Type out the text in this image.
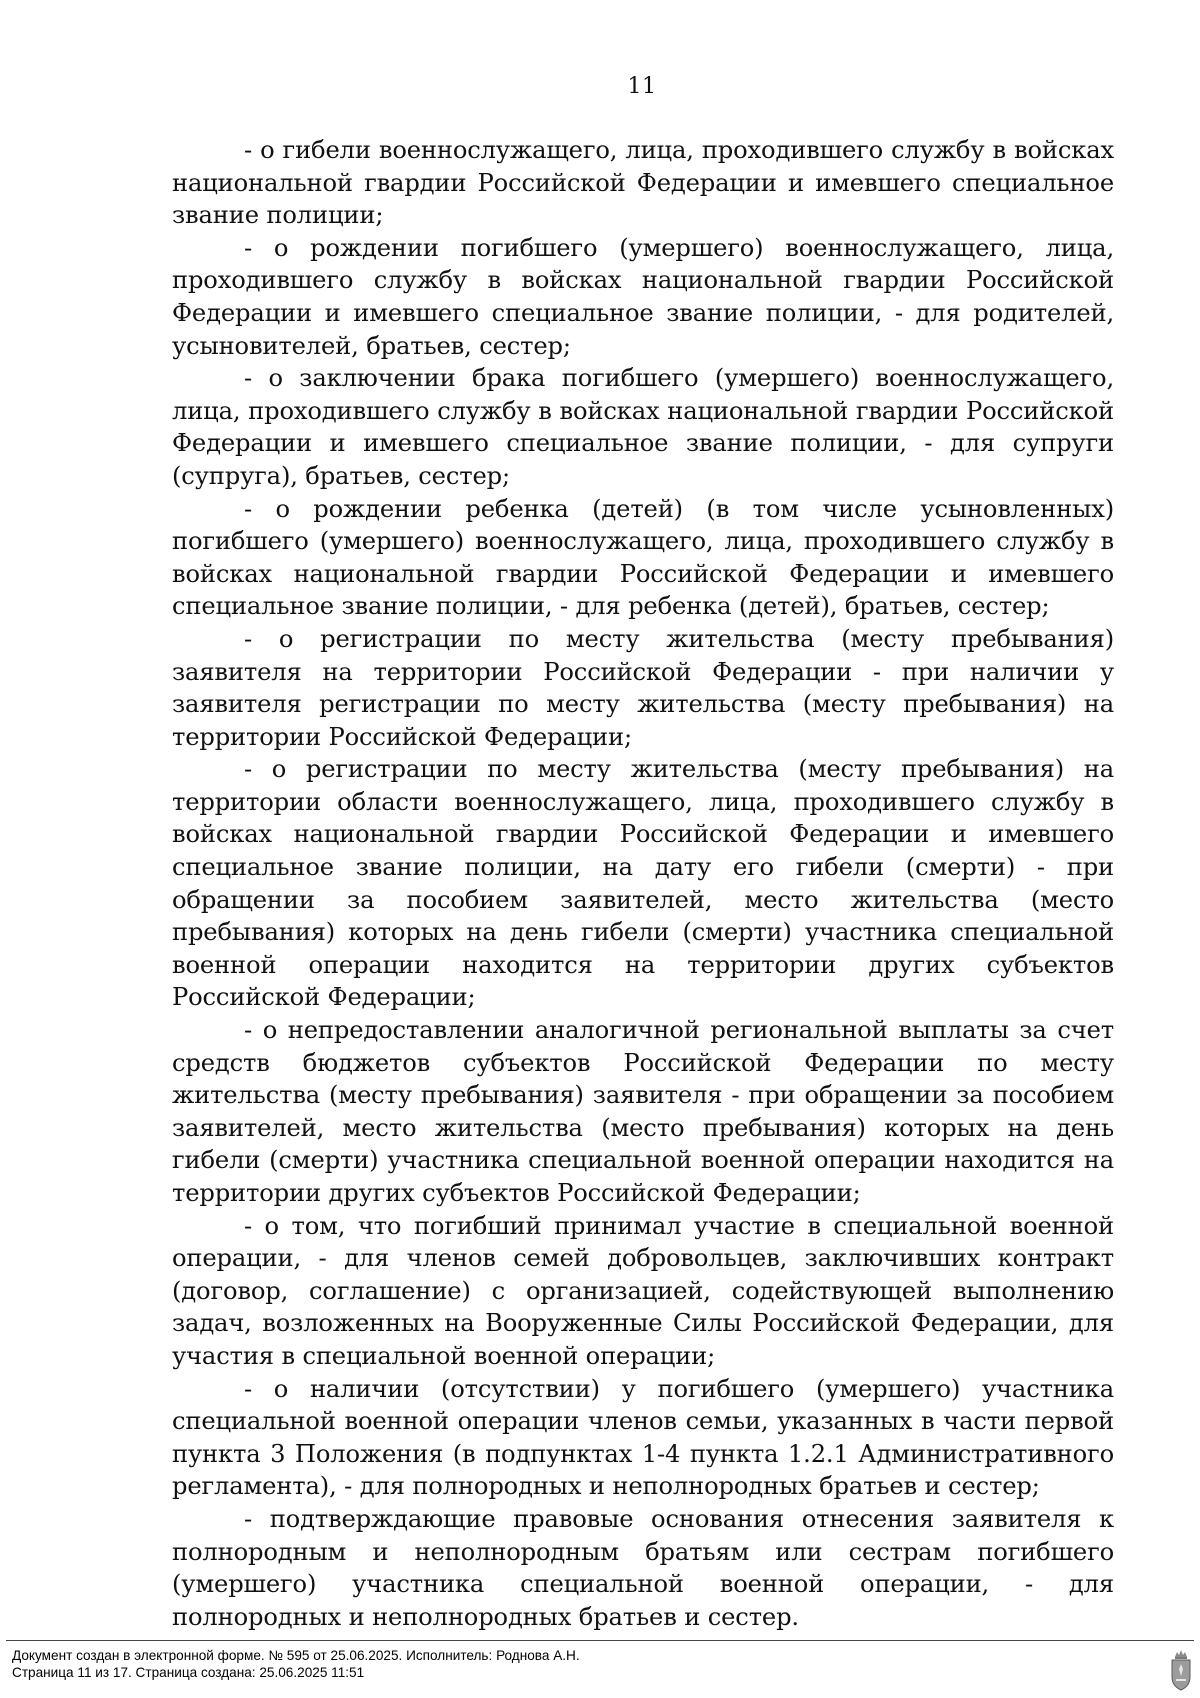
11

- о гибели военнослужащего, лица, проходившего службу в войсках национальной гвардии Российской Федерации и имевшего специальное звание полиции;

- о рождении погибшего (умершего) военнослужащего, лица, проходившего службу в войсках национальной гвардии Российской Федерации и имевшего специальное звание полиции, - для родителей, усыновителей, братьев, сестер;

- о заключении брака погибшего (умершего) военнослужащего, лица, проходившего службу в войсках национальной гвардии Российской Федерации и имевшего специальное звание полиции, - для супруги (супруга), братьев, сестер;

- о рождении ребенка (детей) (в том числе усыновленных) погибшего (умершего) военнослужащего, лица, проходившего службу в войсках национальной гвардии Российской Федерации и имевшего специальное звание полиции, - для ребенка (детей), братьев, сестер;

- о регистрации по месту жительства (месту пребывания) заявителя на территории Российской Федерации - при наличии у заявителя регистрации по месту жительства (месту пребывания) на территории Российской Федерации;

- о регистрации по месту жительства (месту пребывания) на территории области военнослужащего, лица, проходившего службу в войсках национальной гвардии Российской Федерации и имевшего специальное звание полиции, на дату его гибели (смерти) - при обращении за пособием заявителей, место жительства (место пребывания) которых на день гибели (смерти) участника специальной военной операции находится на территории других субъектов Российской Федерации;

- о непредоставлении аналогичной региональной выплаты за счет средств бюджетов субъектов Российской Федерации по месту жительства (месту пребывания) заявителя - при обращении за пособием заявителей, место жительства (место пребывания) которых на день гибели (смерти) участника специальной военной операции находится на территории других субъектов Российской Федерации;

- о том, что погибший принимал участие в специальной военной операции, - для членов семей добровольцев, заключивших контракт (договор, соглашение) с организацией, содействующей выполнению задач, возложенных на Вооруженные Силы Российской Федерации, для участия в специальной военной операции;

- о наличии (отсутствии) у погибшего (умершего) участника специальной военной операции членов семьи, указанных в части первой пункта 3 Положения (в подпунктах 1-4 пункта 1.2.1 Административного регламента), - для полнородных и неполнородных братьев и сестер;

- подтверждающие правовые основания отнесения заявителя к полнородным и неполнородным братьям или сестрам погибшего (умершего) участника специальной военной операции, - для полнородных и неполнородных братьев и сестер.

Документ создан в электронной форме. № 595 от 25.06.2025. Исполнитель: Роднова А.Н.
Страница 11 из 17. Страница создана: 25.06.2025 11:51
